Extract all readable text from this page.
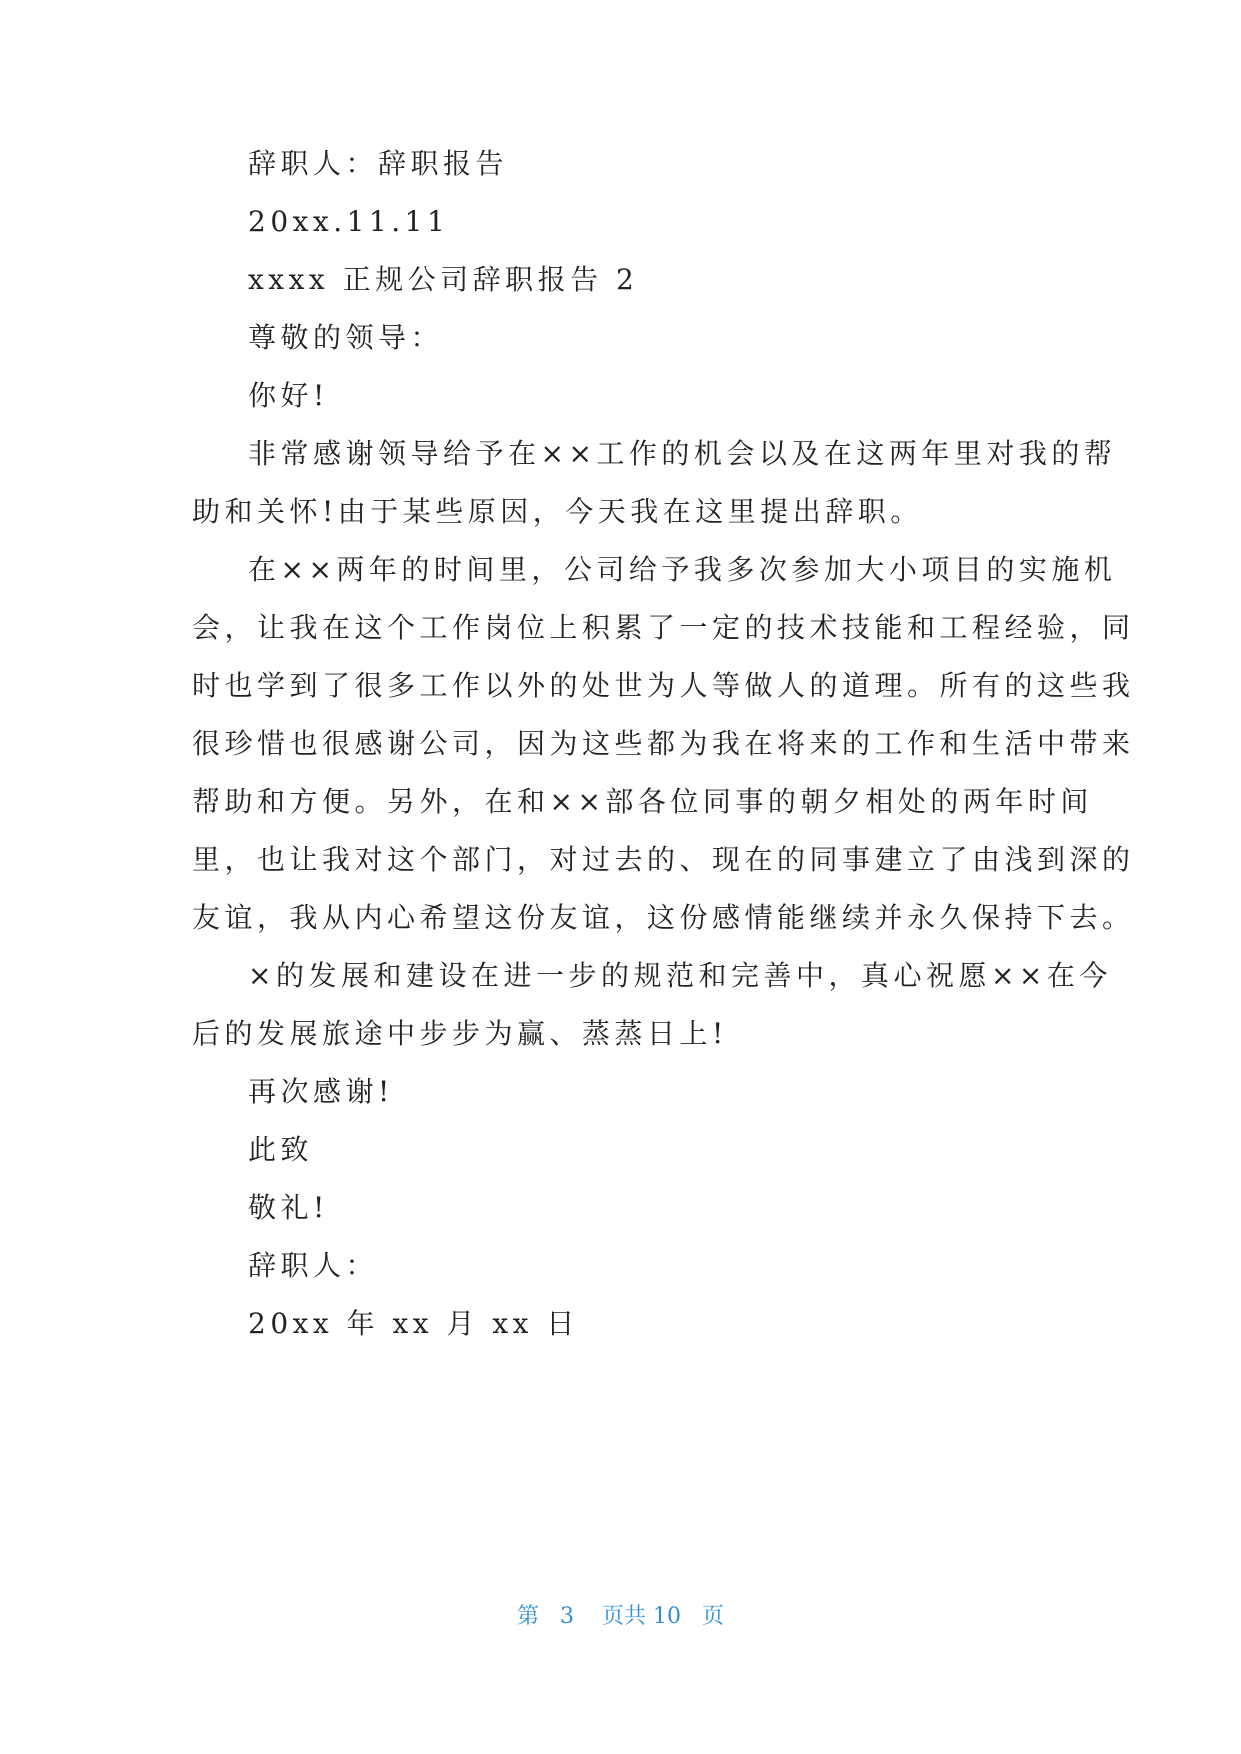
辞职人：辞职报告
20xx.11.11
xxxx 正规公司辞职报告 2
尊敬的领导：
你好!
非常感谢领导给予在××工作的机会以及在这两年里对我的帮
助和关怀!由于某些原因，今天我在这里提出辞职。
在××两年的时间里，公司给予我多次参加大小项目的实施机
会，让我在这个工作岗位上积累了一定的技术技能和工程经验，同
时也学到了很多工作以外的处世为人等做人的道理。所有的这些我
很珍惜也很感谢公司，因为这些都为我在将来的工作和生活中带来
帮助和方便。另外，在和××部各位同事的朝夕相处的两年时间
里，也让我对这个部门，对过去的、现在的同事建立了由浅到深的
友谊，我从内心希望这份友谊，这份感情能继续并永久保持下去。
×的发展和建设在进一步的规范和完善中，真心祝愿××在今
后的发展旅途中步步为赢、蒸蒸日上!
再次感谢!
此致
敬礼!
辞职人：
20xx 年 xx 月 xx 日
第 3 页共 10 页
